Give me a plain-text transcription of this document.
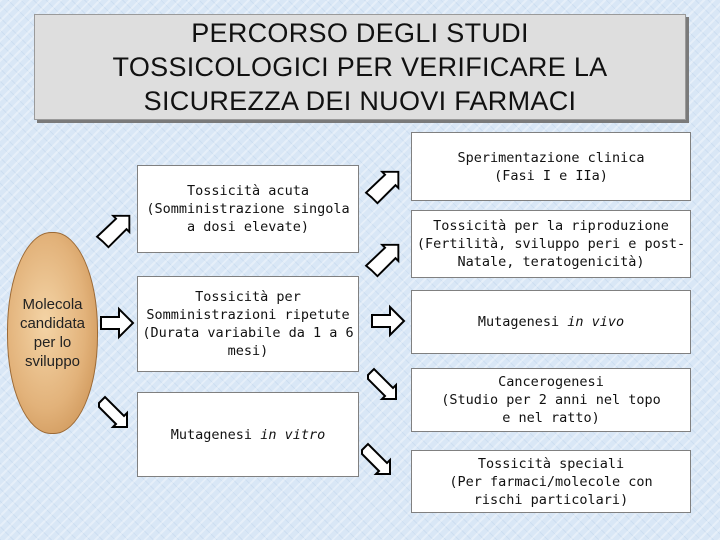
PERCORSO DEGLI STUDI
TOSSICOLOGICI PER VERIFICARE LA
SICUREZZA DEI NUOVI FARMACI
Molecola candidata per lo sviluppo
Tossicità acuta
(Somministrazione singola
a dosi elevate)
Tossicità per
Somministrazioni ripetute
(Durata variabile da 1 a 6
mesi)
Mutagenesi in vitro
Sperimentazione clinica
(Fasi I e IIa)
Tossicità per la riproduzione
(Fertilità, sviluppo peri e post-
Natale, teratogenicità)
Mutagenesi in vivo
Cancerogenesi
(Studio per 2 anni nel topo
e nel ratto)
Tossicità speciali
(Per farmaci/molecole con
rischi particolari)
